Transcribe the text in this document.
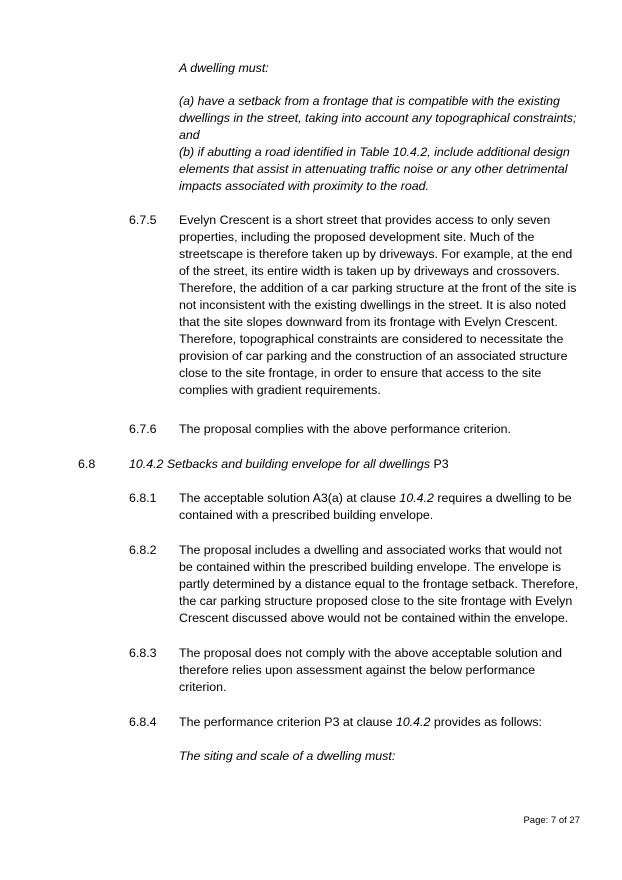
A dwelling must:

(a) have a setback from a frontage that is compatible with the existing dwellings in the street, taking into account any topographical constraints; and

(b) if abutting a road identified in Table 10.4.2, include additional design elements that assist in attenuating traffic noise or any other detrimental impacts associated with proximity to the road.

6.7.5 Evelyn Crescent is a short street that provides access to only seven properties, including the proposed development site. Much of the streetscape is therefore taken up by driveways. For example, at the end of the street, its entire width is taken up by driveways and crossovers. Therefore, the addition of a car parking structure at the front of the site is not inconsistent with the existing dwellings in the street. It is also noted that the site slopes downward from its frontage with Evelyn Crescent. Therefore, topographical constraints are considered to necessitate the provision of car parking and the construction of an associated structure close to the site frontage, in order to ensure that access to the site complies with gradient requirements.

6.7.6 The proposal complies with the above performance criterion.

6.8	10.4.2 Setbacks and building envelope for all dwellings P3

6.8.1 The acceptable solution A3(a) at clause 10.4.2 requires a dwelling to be contained with a prescribed building envelope.

6.8.2 The proposal includes a dwelling and associated works that would not be contained within the prescribed building envelope. The envelope is partly determined by a distance equal to the frontage setback. Therefore, the car parking structure proposed close to the site frontage with Evelyn Crescent discussed above would not be contained within the envelope.

6.8.3 The proposal does not comply with the above acceptable solution and therefore relies upon assessment against the below performance criterion.

6.8.4 The performance criterion P3 at clause 10.4.2 provides as follows:

The siting and scale of a dwelling must:

Page: 7 of 27
